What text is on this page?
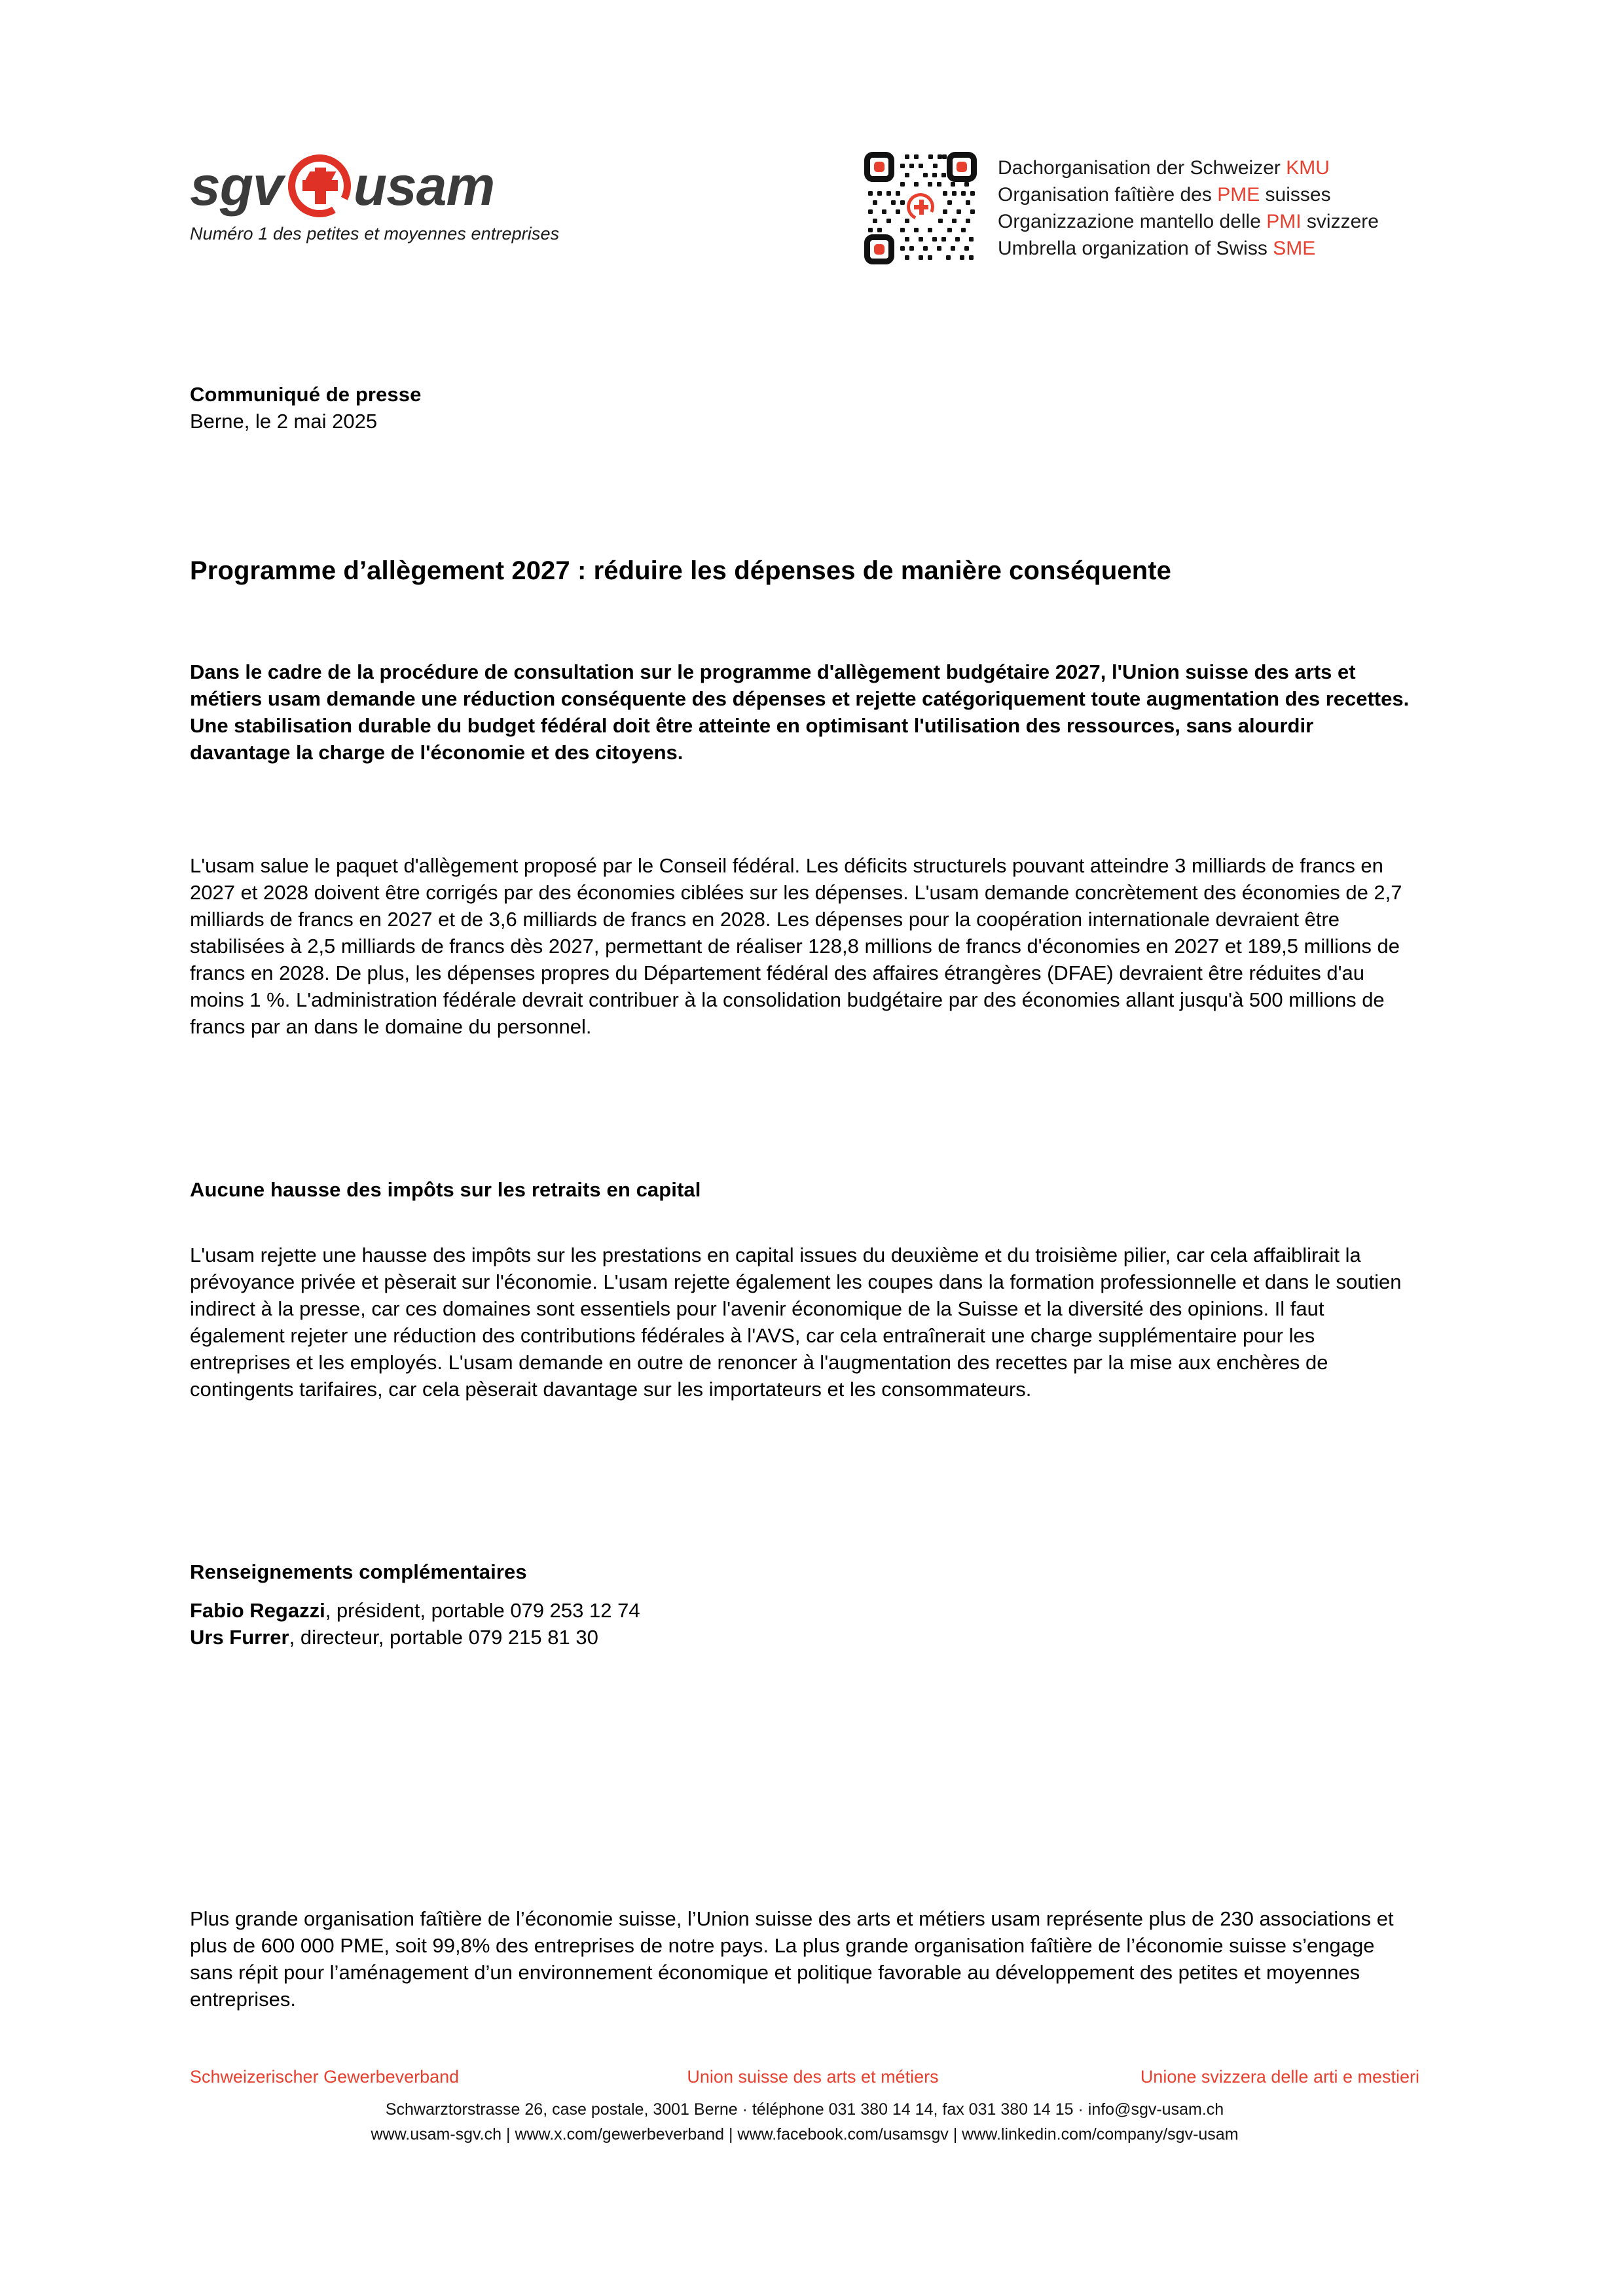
sgv usam
Numéro 1 des petites et moyennes entreprises
Dachorganisation der Schweizer KMU
Organisation faîtière des PME suisses
Organizzazione mantello delle PMI svizzere
Umbrella organization of Swiss SME
Communiqué de presse
Berne, le 2 mai 2025
Programme d’allègement 2027 : réduire les dépenses de manière conséquente

Dans le cadre de la procédure de consultation sur le programme d'allègement budgétaire 2027, l'Union suisse des arts et métiers usam demande une réduction conséquente des dépenses et rejette catégoriquement toute augmentation des recettes. Une stabilisation durable du budget fédéral doit être atteinte en optimisant l'utilisation des ressources, sans alourdir davantage la charge de l'économie et des citoyens.

L'usam salue le paquet d'allègement proposé par le Conseil fédéral. Les déficits structurels pouvant atteindre 3 milliards de francs en 2027 et 2028 doivent être corrigés par des économies ciblées sur les dépenses. L'usam demande concrètement des économies de 2,7 milliards de francs en 2027 et de 3,6 milliards de francs en 2028. Les dépenses pour la coopération internationale devraient être stabilisées à 2,5 milliards de francs dès 2027, permettant de réaliser 128,8 millions de francs d'économies en 2027 et 189,5 millions de francs en 2028. De plus, les dépenses propres du Département fédéral des affaires étrangères (DFAE) devraient être réduites d'au moins 1 %. L'administration fédérale devrait contribuer à la consolidation budgétaire par des économies allant jusqu'à 500 millions de francs par an dans le domaine du personnel.

Aucune hausse des impôts sur les retraits en capital

L'usam rejette une hausse des impôts sur les prestations en capital issues du deuxième et du troisième pilier, car cela affaiblirait la prévoyance privée et pèserait sur l'économie. L'usam rejette également les coupes dans la formation professionnelle et dans le soutien indirect à la presse, car ces domaines sont essentiels pour l'avenir économique de la Suisse et la diversité des opinions. Il faut également rejeter une réduction des contributions fédérales à l'AVS, car cela entraînerait une charge supplémentaire pour les entreprises et les employés. L'usam demande en outre de renoncer à l'augmentation des recettes par la mise aux enchères de contingents tarifaires, car cela pèserait davantage sur les importateurs et les consommateurs.

Renseignements complémentaires
Fabio Regazzi, président, portable 079 253 12 74
Urs Furrer, directeur, portable 079 215 81 30

Plus grande organisation faîtière de l’économie suisse, l’Union suisse des arts et métiers usam représente plus de 230 associations et plus de 600 000 PME, soit 99,8% des entreprises de notre pays. La plus grande organisation faîtière de l’économie suisse s’engage sans répit pour l’aménagement d’un environnement économique et politique favorable au développement des petites et moyennes entreprises.

Schweizerischer Gewerbeverband	Union suisse des arts et métiers	Unione svizzera delle arti e mestieri
Schwarztorstrasse 26, case postale, 3001 Berne · téléphone 031 380 14 14, fax 031 380 14 15 · info@sgv-usam.ch
www.usam-sgv.ch | www.x.com/gewerbeverband | www.facebook.com/usamsgv | www.linkedin.com/company/sgv-usam
